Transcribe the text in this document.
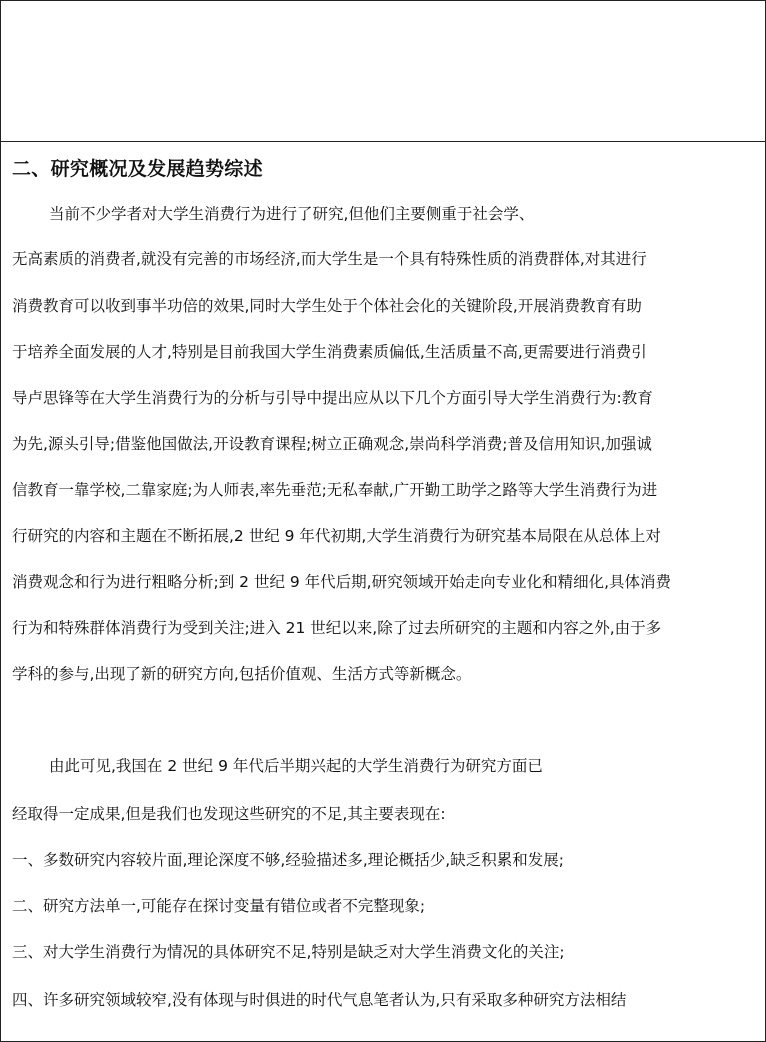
二、研究概况及发展趋势综述
当前不少学者对大学生消费行为进行了研究,但他们主要侧重于社会学、
无高素质的消费者,就没有完善的市场经济,而大学生是一个具有特殊性质的消费群体,对其进行
消费教育可以收到事半功倍的效果,同时大学生处于个体社会化的关键阶段,开展消费教育有助
于培养全面发展的人才,特别是目前我国大学生消费素质偏低,生活质量不高,更需要进行消费引
导卢思锋等在大学生消费行为的分析与引导中提出应从以下几个方面引导大学生消费行为:教育
为先,源头引导;借鉴他国做法,开设教育课程;树立正确观念,崇尚科学消费;普及信用知识,加强诚
信教育一靠学校,二靠家庭;为人师表,率先垂范;无私奉献,广开勤工助学之路等大学生消费行为进
行研究的内容和主题在不断拓展,2 世纪 9 年代初期,大学生消费行为研究基本局限在从总体上对
消费观念和行为进行粗略分析;到 2 世纪 9 年代后期,研究领域开始走向专业化和精细化,具体消费
行为和特殊群体消费行为受到关注;进入 21 世纪以来,除了过去所研究的主题和内容之外,由于多
学科的参与,出现了新的研究方向,包括价值观、生活方式等新概念。
由此可见,我国在 2 世纪 9 年代后半期兴起的大学生消费行为研究方面已
经取得一定成果,但是我们也发现这些研究的不足,其主要表现在:
一、多数研究内容较片面,理论深度不够,经验描述多,理论概括少,缺乏积累和发展;
二、研究方法单一,可能存在探讨变量有错位或者不完整现象;
三、对大学生消费行为情况的具体研究不足,特别是缺乏对大学生消费文化的关注;
四、许多研究领域较窄,没有体现与时俱进的时代气息笔者认为,只有采取多种研究方法相结
